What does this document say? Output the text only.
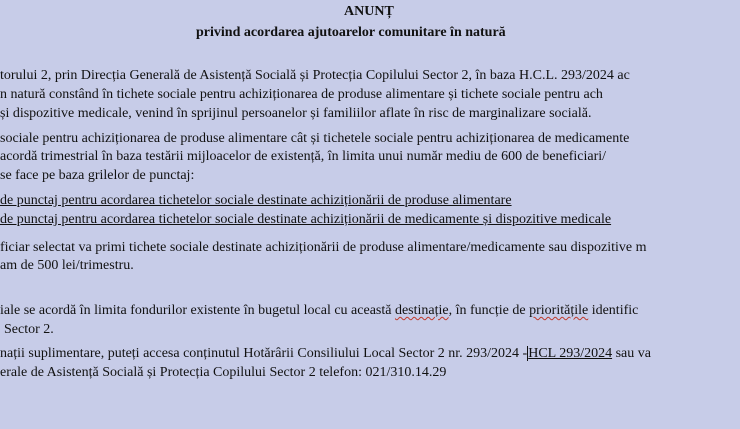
ANUNȚ
privind acordarea ajutoarelor comunitare în natură
torului 2, prin Direcția Generală de Asistență Socială și Protecția Copilului Sector 2, în baza H.C.L. 293/2024 ac
n natură constând în tichete sociale pentru achiziționarea de produse alimentare și tichete sociale pentru ach
și dispozitive medicale, venind în sprijinul persoanelor și familiilor aflate în risc de marginalizare socială.
sociale pentru achiziționarea de produse alimentare cât și tichetele sociale pentru achiziționarea de medicamente
acordă trimestrial în baza testării mijloacelor de existență, în limita unui număr mediu de 600 de beneficiari/
se face pe baza grilelor de punctaj:
de punctaj pentru acordarea tichetelor sociale destinate achiziționării de produse alimentare
de punctaj pentru acordarea tichetelor sociale destinate achiziționării de medicamente și dispozitive medicale
ficiar selectat va primi tichete sociale destinate achiziționării de produse alimentare/medicamente sau dispozitive m
am de 500 lei/trimestru.
iale se acordă în limita fondurilor existente în bugetul local cu această destinație, în funcție de prioritățile identific
Sector 2.
nații suplimentare, puteți accesa conținutul Hotărârii Consiliului Local Sector 2 nr. 293/2024 -HCL 293/2024 sau va
erale de Asistență Socială și Protecția Copilului Sector 2 telefon: 021/310.14.29
